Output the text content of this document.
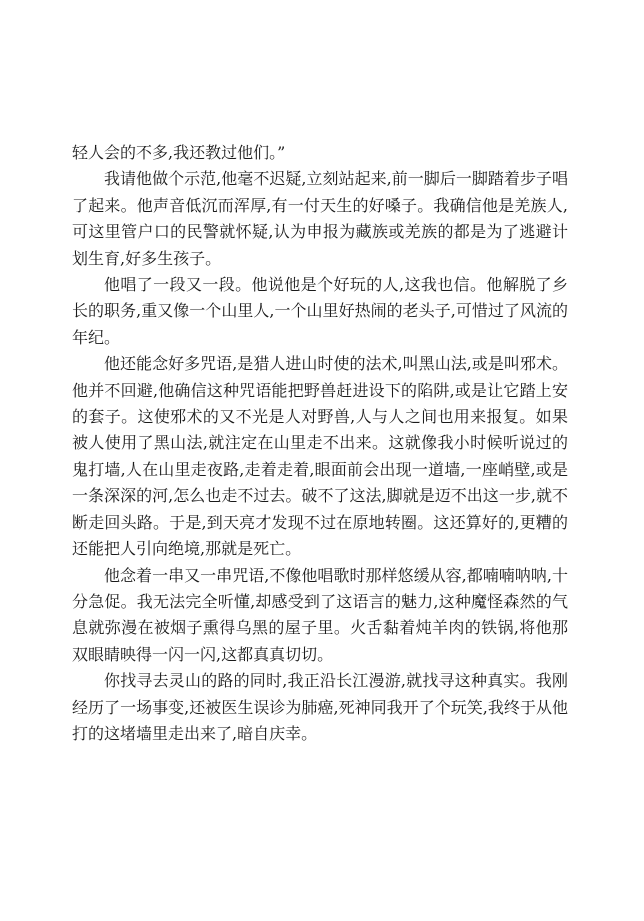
轻人会的不多,我还教过他们。”

我请他做个示范,他毫不迟疑,立刻站起来,前一脚后一脚踏着步子唱了起来。他声音低沉而浑厚,有一付天生的好嗓子。我确信他是羌族人,可这里管户口的民警就怀疑,认为申报为藏族或羌族的都是为了逃避计划生育,好多生孩子。

他唱了一段又一段。他说他是个好玩的人,这我也信。他解脱了乡长的职务,重又像一个山里人,一个山里好热闹的老头子,可惜过了风流的年纪。

他还能念好多咒语,是猎人进山时使的法术,叫黑山法,或是叫邪术。他并不回避,他确信这种咒语能把野兽赶进设下的陷阱,或是让它踏上安的套子。这使邪术的又不光是人对野兽,人与人之间也用来报复。如果被人使用了黑山法,就注定在山里走不出来。这就像我小时候听说过的鬼打墙,人在山里走夜路,走着走着,眼面前会出现一道墙,一座峭壁,或是一条深深的河,怎么也走不过去。破不了这法,脚就是迈不出这一步,就不断走回头路。于是,到天亮才发现不过在原地转圈。这还算好的,更糟的还能把人引向绝境,那就是死亡。

他念着一串又一串咒语,不像他唱歌时那样悠缓从容,都喃喃呐呐,十分急促。我无法完全听懂,却感受到了这语言的魅力,这种魔怪森然的气息就弥漫在被烟子熏得乌黑的屋子里。火舌黏着炖羊肉的铁锅,将他那双眼睛映得一闪一闪,这都真真切切。

你找寻去灵山的路的同时,我正沿长江漫游,就找寻这种真实。我刚经历了一场事变,还被医生误诊为肺癌,死神同我开了个玩笑,我终于从他打的这堵墙里走出来了,暗自庆幸。
